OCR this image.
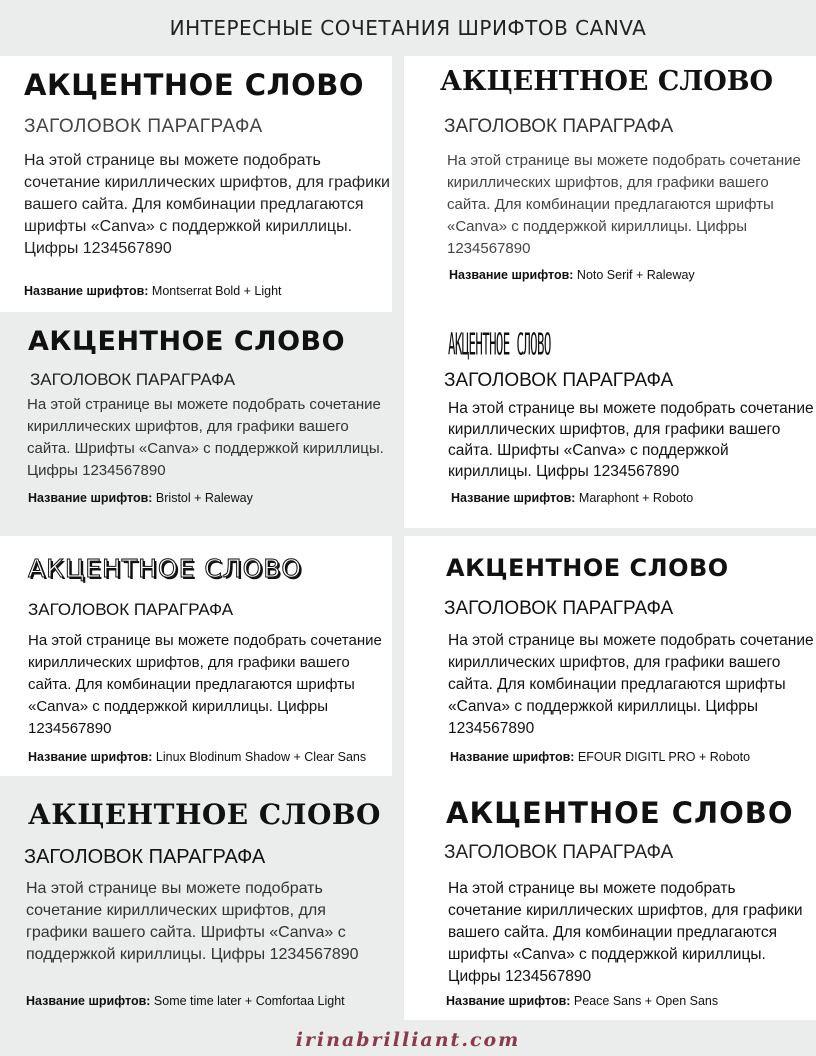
ИНТЕРЕСНЫЕ СОЧЕТАНИЯ ШРИФТОВ CANVA
АКЦЕНТНОЕ СЛОВО
ЗАГОЛОВОК ПАРАГРАФА
На этой странице вы можете подобрать сочетание кириллических шрифтов, для графики вашего сайта. Для комбинации предлагаются шрифты «Canva» с поддержкой кириллицы. Цифры 1234567890
Название шрифтов: Montserrat Bold + Light
АКЦЕНТНОЕ СЛОВО
ЗАГОЛОВОК ПАРАГРАФА
На этой странице вы можете подобрать сочетание кириллических шрифтов, для графики вашего сайта. Для комбинации предлагаются шрифты «Canva» с поддержкой кириллицы. Цифры 1234567890
Название шрифтов: Noto Serif + Raleway
АКЦЕНТНОЕ СЛОВО
ЗАГОЛОВОК ПАРАГРАФА
На этой странице вы можете подобрать сочетание кириллических шрифтов, для графики вашего сайта. Шрифты «Canva» с поддержкой кириллицы. Цифры 1234567890
Название шрифтов: Bristol + Raleway
АКЦЕНТНОЕ СЛОВО
ЗАГОЛОВОК ПАРАГРАФА
На этой странице вы можете подобрать сочетание кириллических шрифтов, для графики вашего сайта. Шрифты «Canva» с поддержкой кириллицы. Цифры 1234567890
Название шрифтов: Maraphont + Roboto
АКЦЕНТНОЕ СЛОВО
ЗАГОЛОВОК ПАРАГРАФА
На этой странице вы можете подобрать сочетание кириллических шрифтов, для графики вашего сайта. Для комбинации предлагаются шрифты «Canva» с поддержкой кириллицы. Цифры 1234567890
Название шрифтов: Linux Blodinum Shadow + Clear Sans
АКЦЕНТНОЕ СЛОВО
ЗАГОЛОВОК ПАРАГРАФА
На этой странице вы можете подобрать сочетание кириллических шрифтов, для графики вашего сайта. Для комбинации предлагаются шрифты «Canva» с поддержкой кириллицы. Цифры 1234567890
Название шрифтов: EFOUR DIGITL PRO + Roboto
АКЦЕНТНОЕ СЛОВО
ЗАГОЛОВОК ПАРАГРАФА
На этой странице вы можете подобрать сочетание кириллических шрифтов, для графики вашего сайта. Шрифты «Canva» с поддержкой кириллицы. Цифры 1234567890
Название шрифтов: Some time later + Comfortaa Light
АКЦЕНТНОЕ СЛОВО
ЗАГОЛОВОК ПАРАГРАФА
На этой странице вы можете подобрать сочетание кириллических шрифтов, для графики вашего сайта. Для комбинации предлагаются шрифты «Canva» с поддержкой кириллицы. Цифры 1234567890
Название шрифтов: Peace Sans + Open Sans
irinabrilliant.com
